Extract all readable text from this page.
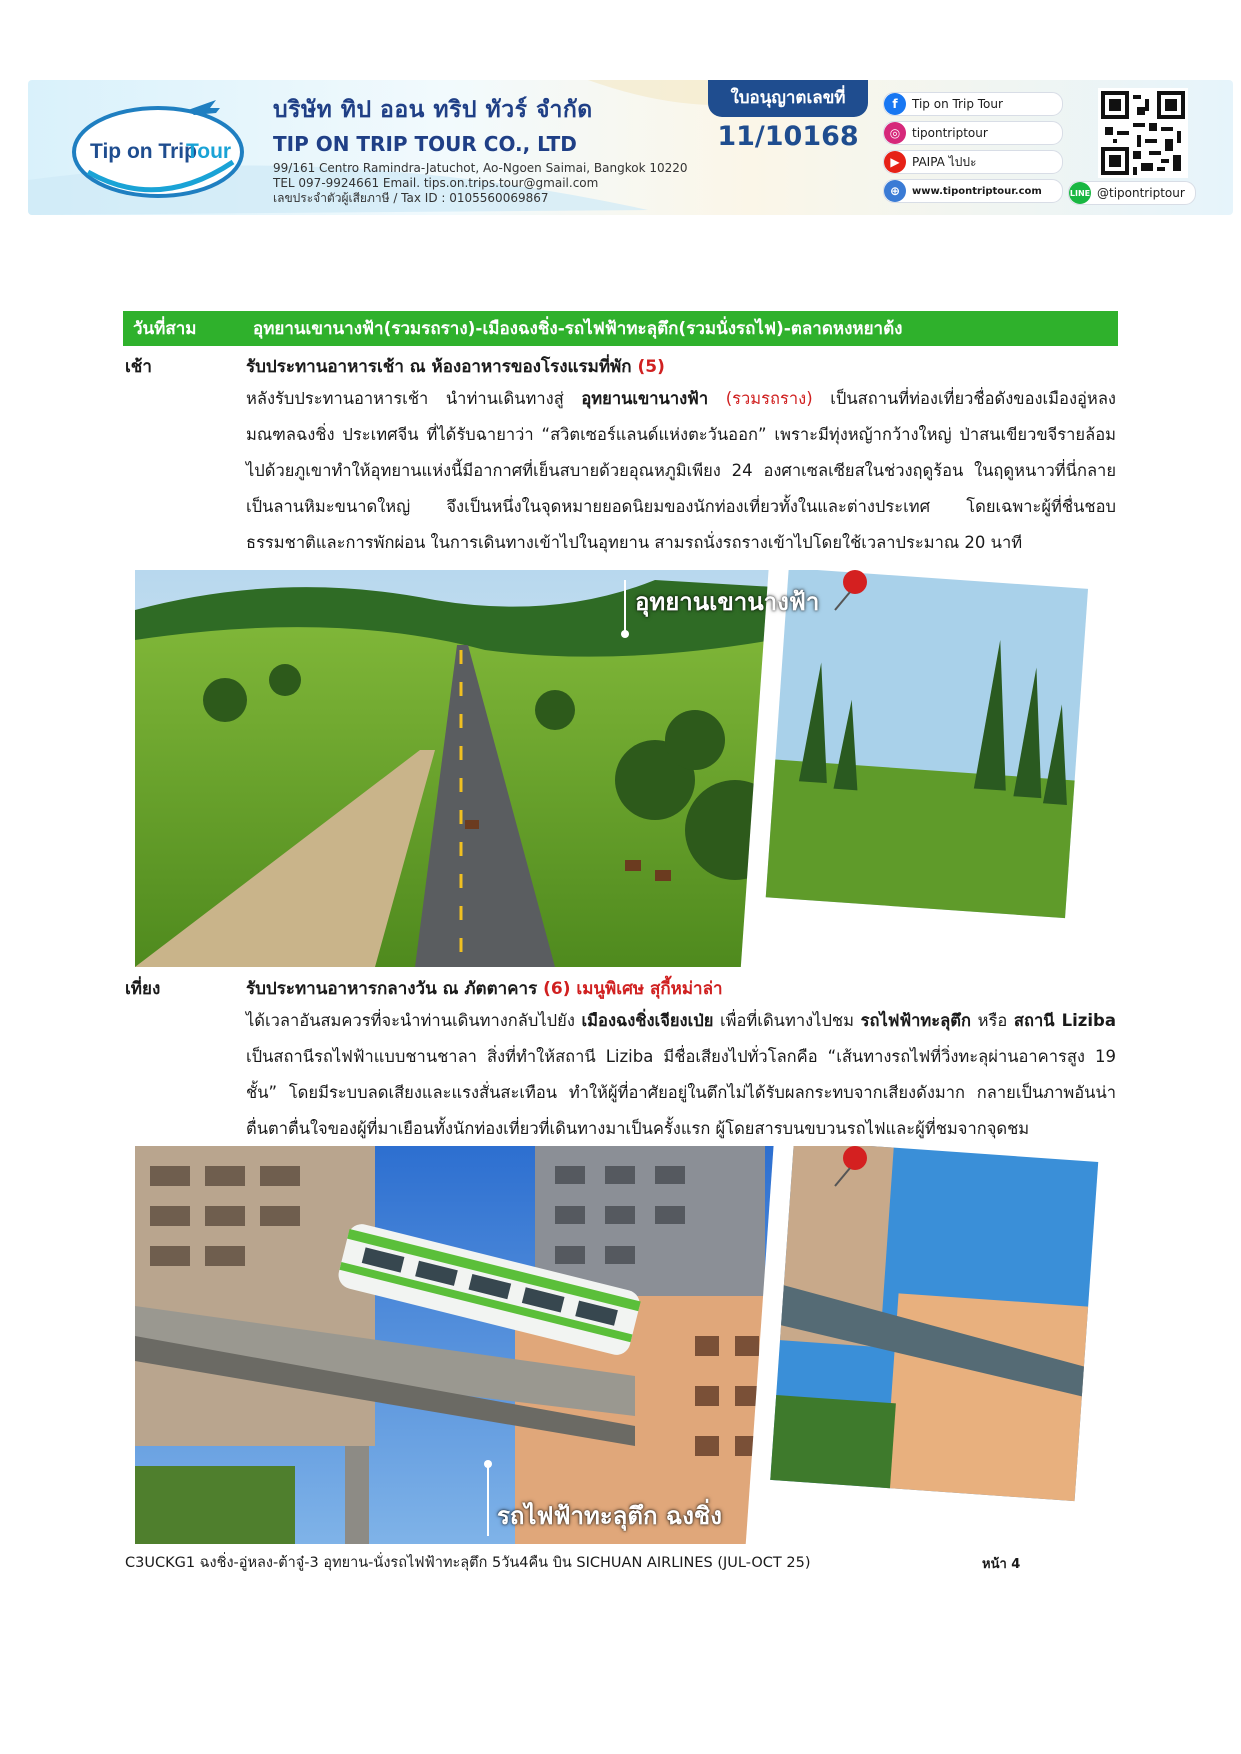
Tip on Trip
Tour
บริษัท ทิป ออน ทริป ทัวร์ จำกัด
TIP ON TRIP TOUR CO., LTD
99/161 Centro Ramindra-Jatuchot, Ao-Ngoen Saimai, Bangkok 10220
TEL 097-9924661 Email. tips.on.trips.tour@gmail.com
เลขประจำตัวผู้เสียภาษี / Tax ID : 0105560069867
ใบอนุญาตเลขที่
11/10168
f	Tip on Trip Tour
◎ tipontriptour
▶	PAIPA ไปปะ
⊕	www.tipontriptour.com	LINE @tipontriptour
วันที่สาม	อุทยานเขานางฟ้า(รวมรถราง)-เมืองฉงชิ่ง-รถไฟฟ้าทะลุตึก(รวมนั่งรถไฟ)-ตลาดหงหยาต้ง
เช้า	รับประทานอาหารเช้า ณ ห้องอาหารของโรงแรมที่พัก (5)
หลังรับประทานอาหารเช้า นำท่านเดินทางสู่ อุทยานเขานางฟ้า (รวมรถราง) เป็นสถานที่ท่องเที่ยวชื่อดังของเมืองอู่หลง มณฑลฉงชิ่ง ประเทศจีน ที่ได้รับฉายาว่า “สวิตเซอร์แลนด์แห่งตะวันออก” เพราะมีทุ่งหญ้ากว้างใหญ่ ป่าสนเขียวขจีรายล้อมไปด้วยภูเขาทำให้อุทยานแห่งนี้มีอากาศที่เย็นสบายด้วยอุณหภูมิเพียง 24 องศาเซลเซียสในช่วงฤดูร้อน ในฤดูหนาวที่นี่กลายเป็นลานหิมะขนาดใหญ่ จึงเป็นหนึ่งในจุดหมายยอดนิยมของนักท่องเที่ยวทั้งในและต่างประเทศ โดยเฉพาะผู้ที่ชื่นชอบธรรมชาติและการพักผ่อน ในการเดินทางเข้าไปในอุทยาน สามรถนั่งรถรางเข้าไปโดยใช้เวลาประมาณ 20 นาที
อุทยานเขานางฟ้า
เที่ยง	รับประทานอาหารกลางวัน ณ ภัตตาคาร (6) เมนูพิเศษ สุกี้หม่าล่า
ได้เวลาอันสมควรที่จะนำท่านเดินทางกลับไปยัง เมืองฉงชิ่งเจียงเป่ย เพื่อที่เดินทางไปชม รถไฟฟ้าทะลุตึก หรือ สถานี Liziba เป็นสถานีรถไฟฟ้าแบบชานชาลา สิ่งที่ทำให้สถานี Liziba มีชื่อเสียงไปทั่วโลกคือ “เส้นทางรถไฟที่วิ่งทะลุผ่านอาคารสูง 19 ชั้น” โดยมีระบบลดเสียงและแรงสั่นสะเทือน ทำให้ผู้ที่อาศัยอยู่ในตึกไม่ได้รับผลกระทบจากเสียงดังมาก กลายเป็นภาพอันน่าตื่นตาตื่นใจของผู้ที่มาเยือนทั้งนักท่องเที่ยวที่เดินทางมาเป็นครั้งแรก ผู้โดยสารบนขบวนรถไฟและผู้ที่ชมจากจุดชม
รถไฟฟ้าทะลุตึก ฉงชิ่ง
C3UCKG1 ฉงชิ่ง-อู่หลง-ต้าจู๋-3 อุทยาน-นั่งรถไฟฟ้าทะลุตึก 5วัน4คืน บิน SICHUAN AIRLINES (JUL-OCT 25)	หน้า 4
